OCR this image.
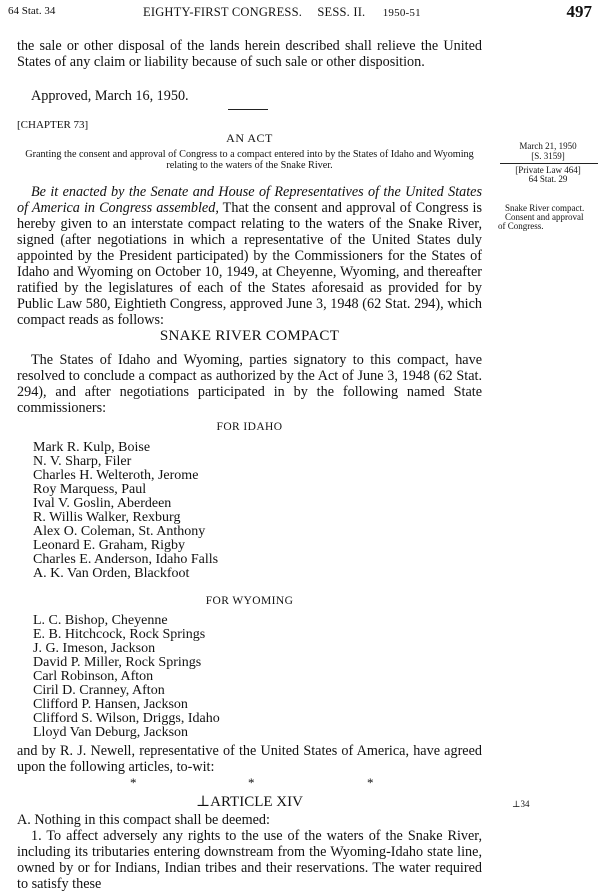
64 Stat. 34	EIGHTY-FIRST CONGRESS. SESS. II. 1950-51	497
the sale or other disposal of the lands herein described shall relieve the United States of any claim or liability because of such sale or other disposition.
Approved, March 16, 1950.
[CHAPTER 73]
AN ACT
Granting the consent and approval of Congress to a compact entered into by the States of Idaho and Wyoming relating to the waters of the Snake River.
March 21, 1950
[S. 3159]
[Private Law 464]
64 Stat. 29
Snake River compact.
Consent and approval
of Congress.
Be it enacted by the Senate and House of Representatives of the United States of America in Congress assembled, That the consent and approval of Congress is hereby given to an interstate compact relating to the waters of the Snake River, signed (after negotiations in which a representative of the United States duly appointed by the President participated) by the Commissioners for the States of Idaho and Wyoming on October 10, 1949, at Cheyenne, Wyoming, and thereafter ratified by the legislatures of each of the States aforesaid as provided for by Public Law 580, Eightieth Congress, approved June 3, 1948 (62 Stat. 294), which compact reads as follows:
SNAKE RIVER COMPACT
The States of Idaho and Wyoming, parties signatory to this compact, have resolved to conclude a compact as authorized by the Act of June 3, 1948 (62 Stat. 294), and after negotiations participated in by the following named State commissioners:
FOR IDAHO
Mark R. Kulp, Boise
N. V. Sharp, Filer
Charles H. Welteroth, Jerome
Roy Marquess, Paul
Ival V. Goslin, Aberdeen
R. Willis Walker, Rexburg
Alex O. Coleman, St. Anthony
Leonard E. Graham, Rigby
Charles E. Anderson, Idaho Falls
A. K. Van Orden, Blackfoot
FOR WYOMING
L. C. Bishop, Cheyenne
E. B. Hitchcock, Rock Springs
J. G. Imeson, Jackson
David P. Miller, Rock Springs
Carl Robinson, Afton
Ciril D. Cranney, Afton
Clifford P. Hansen, Jackson
Clifford S. Wilson, Driggs, Idaho
Lloyd Van Deburg, Jackson
and by R. J. Newell, representative of the United States of America, have agreed upon the following articles, to-wit:
*	*	*
⊥ARTICLE XIV	⊥34
A. Nothing in this compact shall be deemed:
1. To affect adversely any rights to the use of the waters of the Snake River, including its tributaries entering downstream from the Wyoming-Idaho state line, owned by or for Indians, Indian tribes and their reservations. The water required to satisfy these
